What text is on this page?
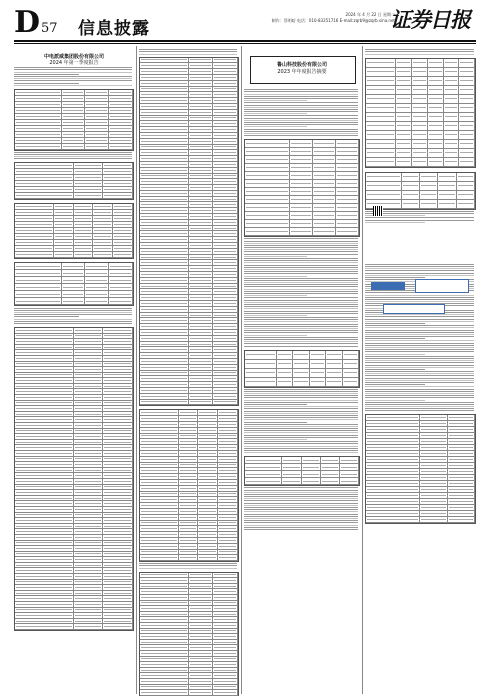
D 57 信息披露
2024 年 4 月 22 日 星期二
制作：蔡明暗 电话：010-83251716 E-mail:zqrb9@zqrb.sina.net
证券日报
中电派威集团股份有限公司
2024 年第一季度报告	鲁山科技股份有限公司
2023 年年度报告摘要
